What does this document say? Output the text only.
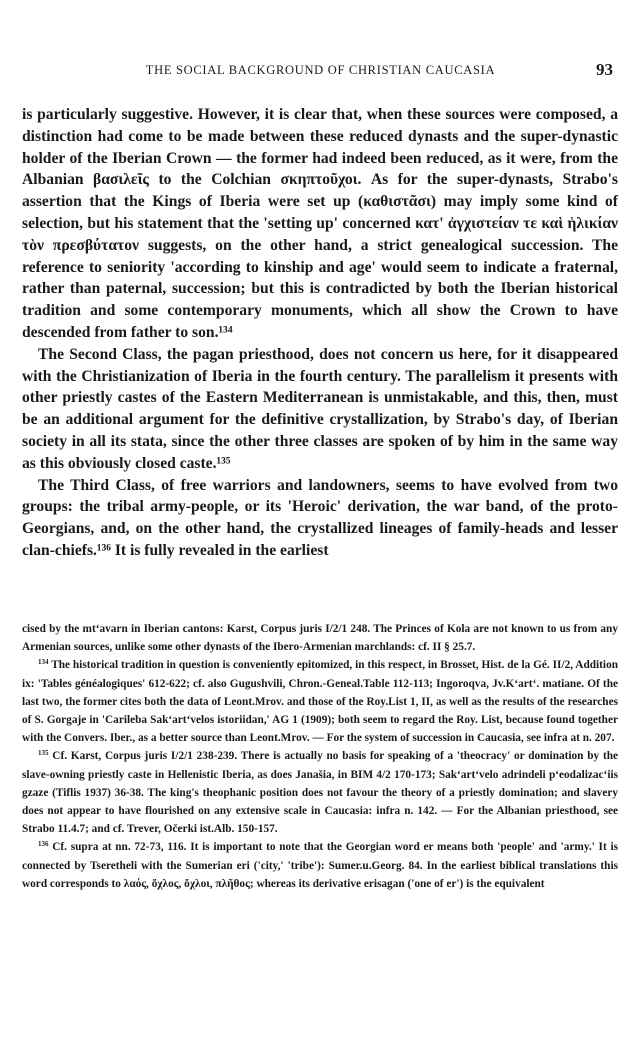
THE SOCIAL BACKGROUND OF CHRISTIAN CAUCASIA	93

is particularly suggestive. However, it is clear that, when these sources were composed, a distinction had come to be made between these reduced dynasts and the super-dynastic holder of the Iberian Crown — the former had indeed been reduced, as it were, from the Albanian βασιλεῖς to the Colchian σκηπτοῦχοι. As for the super-dynasts, Strabo's assertion that the Kings of Iberia were set up (καθιστᾶσι) may imply some kind of selection, but his statement that the 'setting up' concerned κατ' ἀγχιστείαν τε καὶ ἡλικίαν τὸν πρεσβύτατον suggests, on the other hand, a strict genealogical succession. The reference to seniority 'according to kinship and age' would seem to indicate a fraternal, rather than paternal, succession; but this is contradicted by both the Iberian historical tradition and some contemporary monuments, which all show the Crown to have descended from father to son.¹³⁴

The Second Class, the pagan priesthood, does not concern us here, for it disappeared with the Christianization of Iberia in the fourth century. The parallelism it presents with other priestly castes of the Eastern Mediterranean is unmistakable, and this, then, must be an additional argument for the definitive crystallization, by Strabo's day, of Iberian society in all its stata, since the other three classes are spoken of by him in the same way as this obviously closed caste.¹³⁵

The Third Class, of free warriors and landowners, seems to have evolved from two groups: the tribal army-people, or its 'Heroic' derivation, the war band, of the proto-Georgians, and, on the other hand, the crystallized lineages of family-heads and lesser clan-chiefs.¹³⁶ It is fully revealed in the earliest

cised by the mtʻavarn in Iberian cantons: Karst, Corpus juris I/2/1 248. The Princes of Kola are not known to us from any Armenian sources, unlike some other dynasts of the Ibero-Armenian marchlands: cf. II § 25.7.

$^{134}$ The historical tradition in question is conveniently epitomized, in this respect, in Brosset, Hist. de la Gé. II/2, Addition ix: 'Tables généalogiques' 612-622; cf. also Gugushvili, Chron.-Geneal.Table 112-113; Ingoroqva, Jv.Kʻartʻ. matiane. Of the last two, the former cites both the data of Leont.Mrov. and those of the Roy.List 1, II, as well as the results of the researches of S. Gorgaje in 'Carileba Sakʻartʻvelos istoriidan,' AG 1 (1909); both seem to regard the Roy. List, because found together with the Convers. Iber., as a better source than Leont.Mrov. — For the system of succession in Caucasia, see infra at n. 207.

$^{135}$ Cf. Karst, Corpus juris I/2/1 238-239. There is actually no basis for speaking of a 'theocracy' or domination by the slave-owning priestly caste in Hellenistic Iberia, as does Janašia, in BIM 4/2 170-173; Sakʻartʻvelo adrindeli pʻeodalizacʻiis gzaze (Tiflis 1937) 36-38. The king's theophanic position does not favour the theory of a priestly domination; and slavery does not appear to have flourished on any extensive scale in Caucasia: infra n. 142. — For the Albanian priesthood, see Strabo 11.4.7; and cf. Trever, Očerki ist.Alb. 150-157.

$^{136}$ Cf. supra at nn. 72-73, 116. It is important to note that the Georgian word er means both 'people' and 'army.' It is connected by Tseretheli with the Sumerian eri ('city,' 'tribe'): Sumer.u.Georg. 84. In the earliest biblical translations this word corresponds to λαός, ὄχλος, ὄχλοι, πλῆθος; whereas its derivative erisagan ('one of er') is the equivalent
